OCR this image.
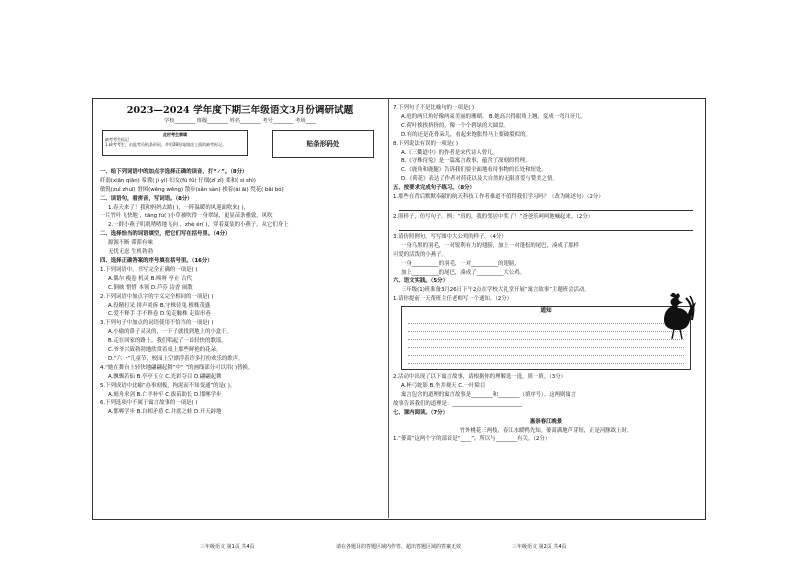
2023—2024 学年度下期三年级语文3月份调研试题
学校________ 班级________ 姓名________ 考号________ 考场____
此栏考生禁填
缺考考生标记
1.缺考考生，由监考员贴条形码，并用2B铅笔填涂上面的缺考标记。	贴条形码处
一、给下列词语中的加点字选择正确的读音，打“✓”。（8分）
纤弱(xiān qiān) 希冀( jì yì) 妇女(fù fǔ) 仔细(zǐ zǐ) 柔和( sì shì)
敏锐(zuì zhuī) 窘困(wēng wěng) 散步(sǎn sàn) 挨着(ái āi) 梵花( bǎi bó)
二、读语句，看拼音，写词语。（8分）
1.春天来了！我和妈妈去踏( )，一阵温暖的风迎面吹来( )，
一片竹叶飞快地 ，tāng fù( )小草被吹得一身翠绿，更显苗条雅致，风吹
2.一群小燕子叽叽喳喳地飞向 ，zhè ér( )，穿着夏装的小燕子，从它们身上
二、选择恰当的词语填空，把它们写在括号里。（4分）
源源不断 滞滞有味
无忧无虑 生机勃勃
四、选择正确答案的序号填在括号里。（16分）
1.下列词语中，书写完全正确的一项是( )
A.偶尔 瘦卷 机灵 B.唤呀 亭止 古代
C.倒映 惜惜 本领 D.芦芬 诗香 闹散
2.下列词语中加点字的字义完全相同的一项是( )
A.役精打采 拼声炎拆 B.守株待兔 植株茂盛
C.爱不释手 手不释卷 D.兔走触株 走街串巷
3.下列句子中加点的词语使用不恰当的一项是( )
A.小偷的鼻子灵灵的，一下子就找到地上的小盒干。
B.走在回家的路上，我们唱起了一首轻快的歌谣。
C.爷爷兴致勃勃地欣赏着桌上那些鲜艳的花朵。
D.“六一”儿童节，校园上空漂浮着许多打扮欢乐的歌声。
4.“她在舞台上轻快地翩翩起舞”中“ ”的画线部分可以用( )替换。
A.飘飘若仙 B.亭亭玉立 C.光彩夺目 D.翩翩起舞
5.下列成语中比喻“办事刻板，拘泥而不知变通”的是( )。
A.刻舟求剑 B.亡羊补牢 C.拔苗助长 D.邯郸学步
6.下列选项中不属于寓言故事的一项是( )
A.邯郸学步 B.自相矛盾 C.井底之蛙 D.开天辟地
7.下列句子不是比喻句的一项是( )
A.庭的两只角好像两束美丽的珊瑚。 B.她高兴得眼角上翘，变成一弯月牙儿。
C.荷叶挨挨挤挤的，像一个个碧绿的大圆盘。
D.有的还是花骨朵儿，看起来饱胀得马上要破裂似的。
8.下列说法有误的一项是( )
A.《三衢道中》的作者是宋代诗人曾几。
B.《守株待兔》是一篇寓言故事，蕴含了深刻的哲理。
C.《鹿角和鹿腿》告诉我们要全面地看待事物的长处和短处。
D.《荷花》表达了作者对荷花以及大自然的无限喜爱与赞美之情。
五、按要求完成句子练习。（8分）
1.那些在背后默默奉献的航天科技工作者难道不值得我们学习吗？（改为陈述句）（2分）
2.照样子，仿写句子。例：“真的，我的邻居中奖了！”爸爸乐呵呵地喊起来。（2分）
3.请仿照例句，写写图中大公鸡的样子。（4分）
一身乌黑的羽毛，一对锐利有力的翅膀，加上一对蓬松的尾巴，凑成了那样
可爱的活泼的小燕子。
一身__________的羽毛，一对__________的翅膀，
加上__________的尾巴，凑成了__________大公鸡。
六、语文实践。（5分）
三年级(1)班准备3月26日下午2点在学校大礼堂开展“寓言故事”主题班会活动。
1.请你提前一天帮班主任老师写一个通知。（2分）
通知
2.活动中出现了以下寓言故事，请根据你的理解选一选，填一填。（3分）
A.杯弓蛇影 B.坐井观天 C.一叶障目
寓言包含的道理的寓言故事是________和________（填序号）。这两则寓言
故事告诉我们的道理是：__________________________
七、课内阅读。（7分）
惠崇春江晚景
竹外桃花三两枝，春江水暖鸭先知。蒌蒿满地芦芽短，正是河豚欲上时。
1.“蒌蒿”这两个字的部首是“____”，所以与________有关。（2分）
三年级语文 第1页 共4页	请在各题目的答题区域内作答，超出答题区域的答案无效	三年级语文 第2页 共4页
